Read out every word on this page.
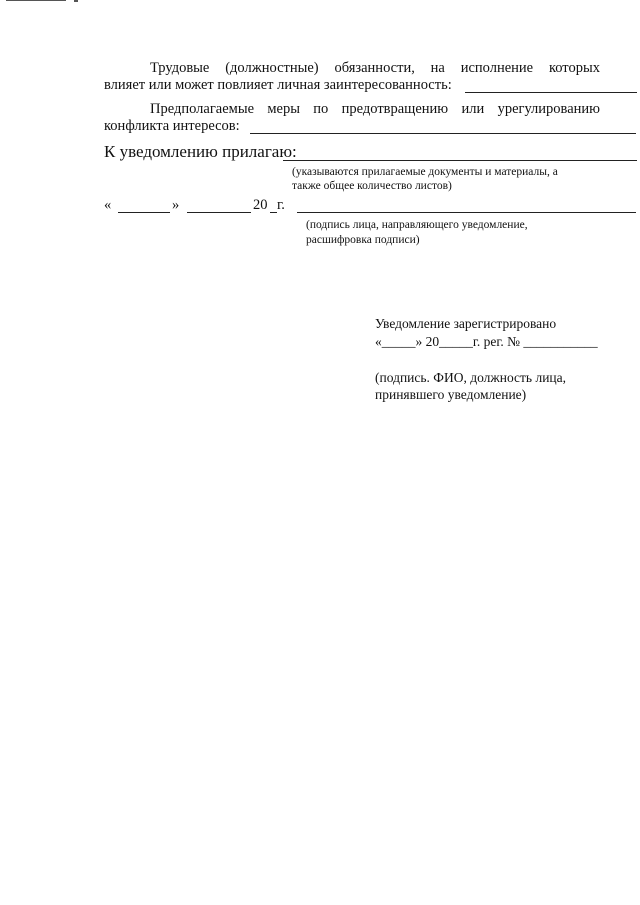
Трудовые (должностные) обязанности, на исполнение которых
влияет или может повлияет личная заинтересованность:
Предполагаемые меры по предотвращению или урегулированию
конфликта интересов:
К уведомлению прилагаю:
(указываются прилагаемые документы и материалы, а
также общее количество листов)
«	»	20 г.
(подпись лица, направляющего уведомление,
расшифровка подписи)
Уведомление зарегистрировано
«_____» 20_____г. рег. № ___________
(подпись. ФИО, должность лица,
принявшего уведомление)
